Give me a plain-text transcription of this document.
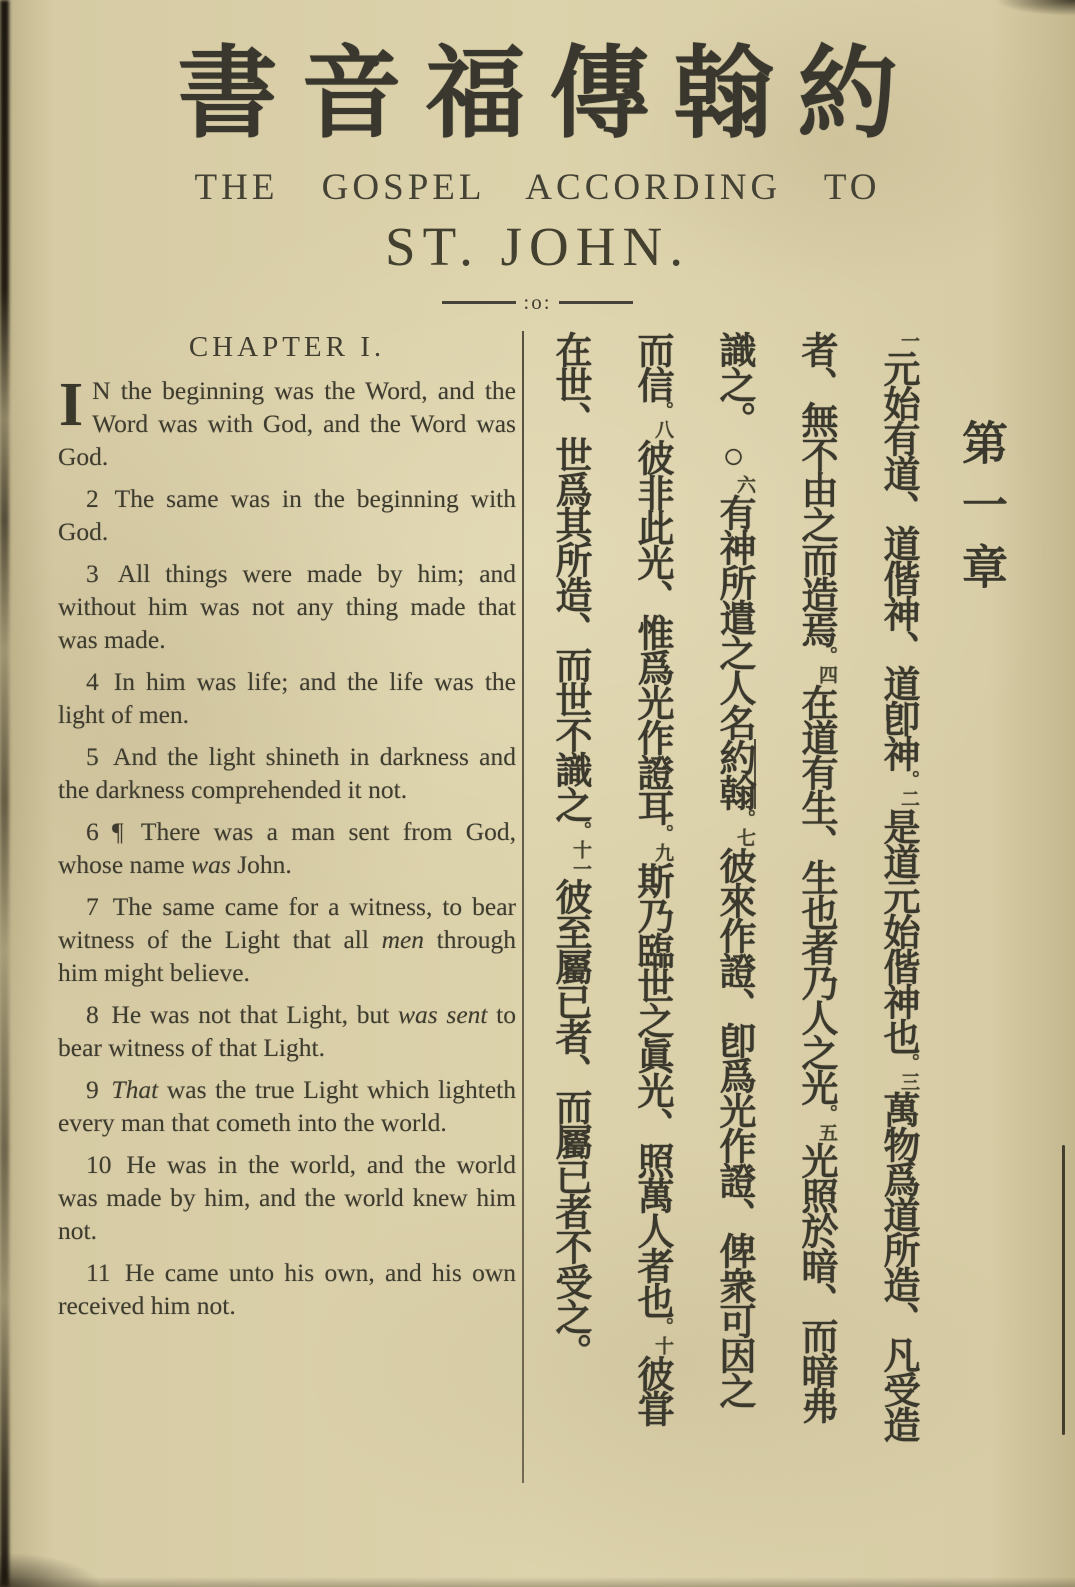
書音福傳翰約
THE GOSPEL ACCORDING TO
ST. JOHN.
:o:
CHAPTER I.

I N the beginning was the Word, and the Word was with God, and the Word was God.

2 The same was in the beginning with God.

3 All things were made by him; and without him was not any thing made that was made.

4 In him was life; and the life was the light of men.

5 And the light shineth in darkness and the darkness comprehended it not.

6 ¶ There was a man sent from God, whose name was John.

7 The same came for a witness, to bear witness of the Light that all men through him might believe.

8 He was not that Light, but was sent to bear witness of that Light.

9 That was the true Light which lighteth every man that cometh into the world.

10 He was in the world, and the world was made by him, and the world knew him not.

11 He came unto his own, and his own received him not.

第一章
一元始有道、道偕神、道卽神。二是道元始偕神也。三萬物爲道所造、凡受造
者、無不由之而造焉。四在道有生、生也者乃人之光。五光照於暗、而暗弗
識之。○六有神所遣之人名約翰。七彼來作證、卽爲光作證、俾衆可因之
而信。八彼非此光、惟爲光作證耳。九斯乃臨世之眞光、照萬人者也。十彼甞
在世、世爲其所造、而世不識之。十一彼至屬已者、而屬已者不受之。
